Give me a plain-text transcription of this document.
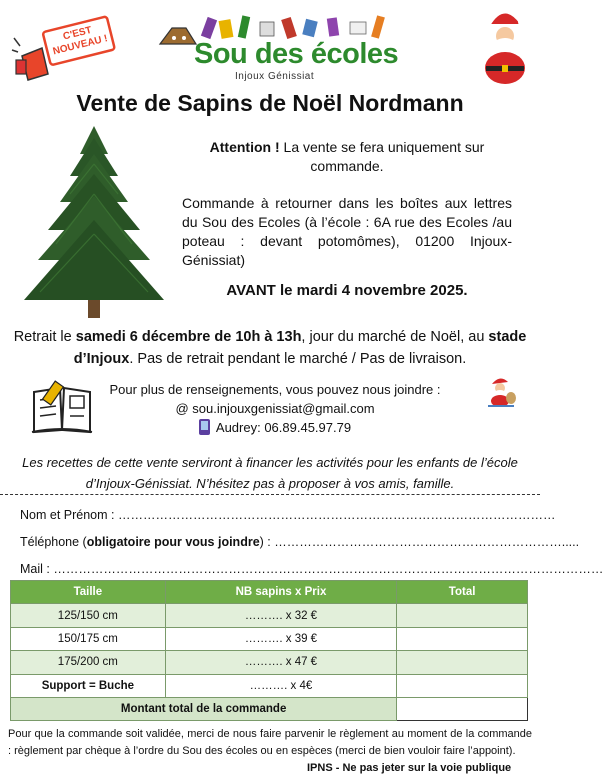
C'EST NOUVEAU !	Sou des écoles
Injoux Génissiat
Vente de Sapins de Noël Nordmann
Attention ! La vente se fera uniquement sur commande.
Commande à retourner dans les boîtes aux lettres du Sou des Ecoles (à l’école : 6A rue des Ecoles /au poteau : devant potomômes), 01200 Injoux-Génissiat)
AVANT le mardi 4 novembre 2025.
Retrait le samedi 6 décembre de 10h à 13h, jour du marché de Noël, au stade d’Injoux. Pas de retrait pendant le marché / Pas de livraison.
Pour plus de renseignements, vous pouvez nous joindre :
@ sou.injouxgenissiat@gmail.com
Audrey: 06.89.45.97.79
Les recettes de cette vente serviront à financer les activités pour les enfants de l’école d’Injoux-Génissiat. N’hésitez pas à proposer à vos amis, famille.
Nom et Prénom : ……………………………………………………………………………………………
Téléphone (obligatoire pour vous joindre) : …………………………………………………………….....
Mail : ……………………………………………………………………………………………………………………
Taille	NB sapins x Prix	Total
125/150 cm	………. x 32 €	
150/175 cm	………. x 39 €	
175/200 cm	………. x 47 €	
Support = Buche	………. x 4€	
Montant total de la commande		
Pour que la commande soit validée, merci de nous faire parvenir le règlement au moment de la commande : règlement par chèque à l’ordre du Sou des écoles ou en espèces (merci de bien vouloir faire l’appoint).
IPNS - Ne pas jeter sur la voie publique
